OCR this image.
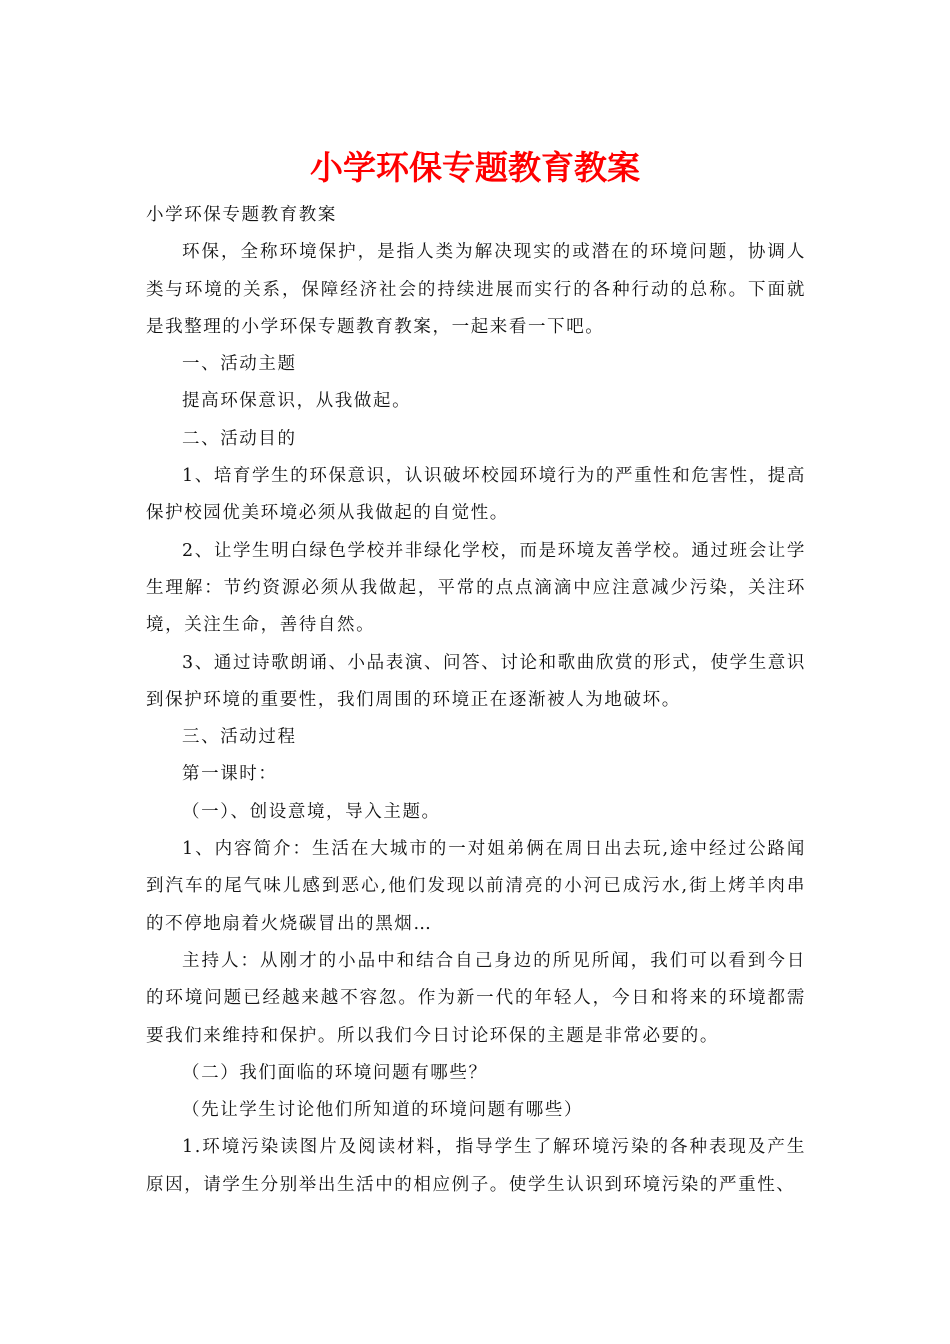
小学环保专题教育教案

小学环保专题教育教案

环保，全称环境保护，是指人类为解决现实的或潜在的环境问题，协调人类与环境的关系，保障经济社会的持续进展而实行的各种行动的总称。下面就是我整理的小学环保专题教育教案，一起来看一下吧。

一、活动主题

提高环保意识，从我做起。

二、活动目的

1、培育学生的环保意识，认识破坏校园环境行为的严重性和危害性，提高保护校园优美环境必须从我做起的自觉性。

2、让学生明白绿色学校并非绿化学校，而是环境友善学校。通过班会让学生理解：节约资源必须从我做起，平常的点点滴滴中应注意减少污染，关注环境，关注生命，善待自然。

3、通过诗歌朗诵、小品表演、问答、讨论和歌曲欣赏的形式，使学生意识到保护环境的重要性，我们周围的环境正在逐渐被人为地破坏。

三、活动过程

第一课时：

（一）、创设意境，导入主题。

1、内容简介：生活在大城市的一对姐弟俩在周日出去玩,途中经过公路闻到汽车的尾气味儿感到恶心,他们发现以前清亮的小河已成污水,街上烤羊肉串的不停地扇着火烧碳冒出的黑烟…

主持人：从刚才的小品中和结合自己身边的所见所闻，我们可以看到今日的环境问题已经越来越不容忽。作为新一代的年轻人，今日和将来的环境都需要我们来维持和保护。所以我们今日讨论环保的主题是非常必要的。

（二）我们面临的环境问题有哪些？

（先让学生讨论他们所知道的环境问题有哪些）

1.环境污染读图片及阅读材料，指导学生了解环境污染的各种表现及产生原因，请学生分别举出生活中的相应例子。使学生认识到环境污染的严重性、
